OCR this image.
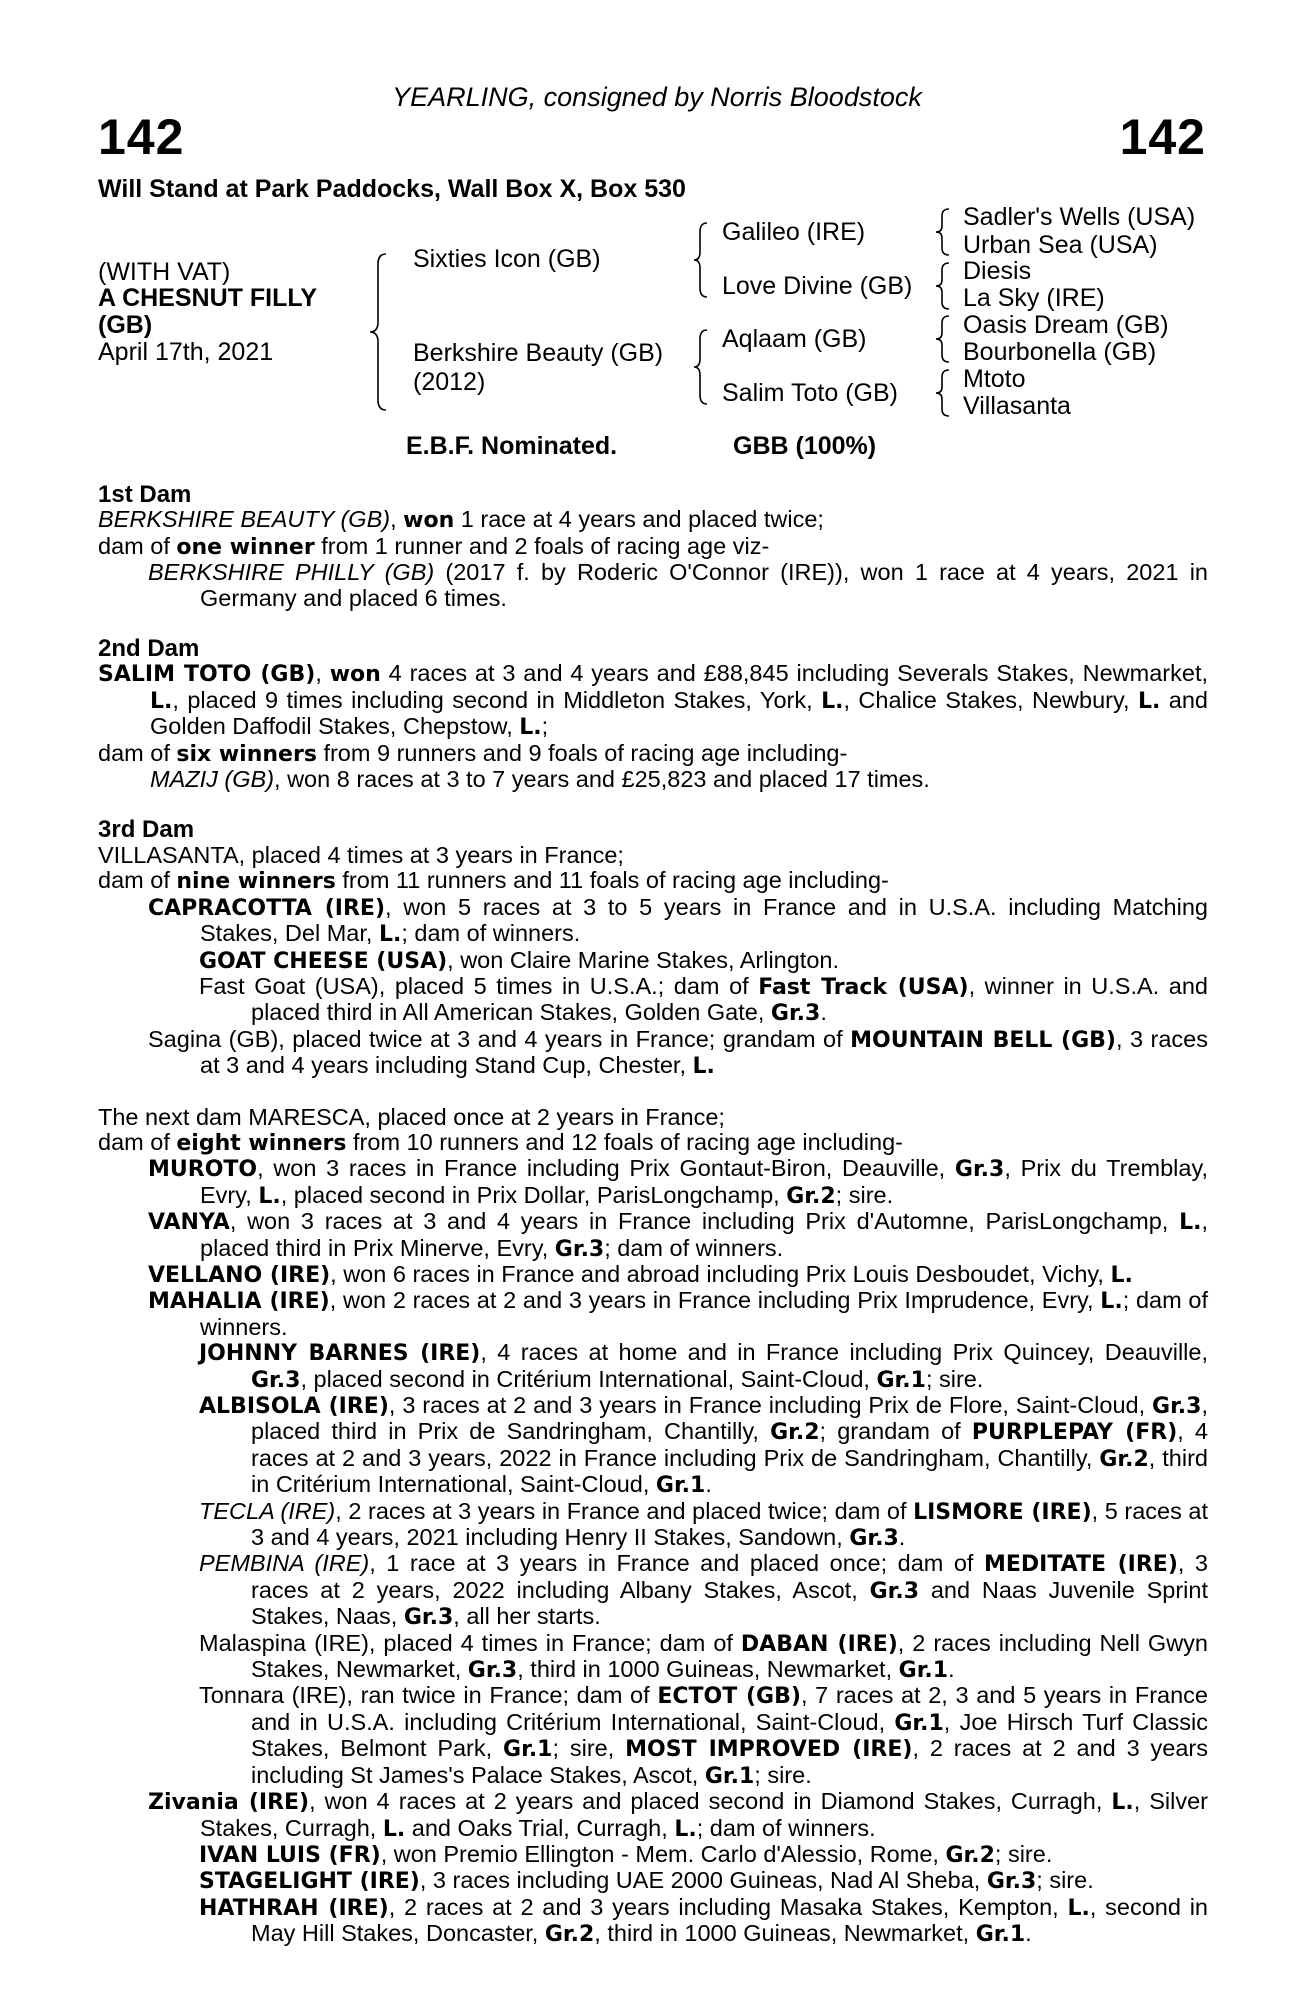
YEARLING, consigned by Norris Bloodstock
142	142
Will Stand at Park Paddocks, Wall Box X, Box 530
(WITH VAT)
A CHESNUT FILLY
(GB)
April 17th, 2021
Sixties Icon (GB)
Berkshire Beauty (GB)
(2012)
Galileo (IRE)
Love Divine (GB)
Aqlaam (GB)
Salim Toto (GB)
Sadler's Wells (USA)
Urban Sea (USA)
Diesis
La Sky (IRE)
Oasis Dream (GB)
Bourbonella (GB)
Mtoto
Villasanta
E.B.F. Nominated.	GBB (100%)

1st Dam

BERKSHIRE BEAUTY (GB), won 1 race at 4 years and placed twice;

dam of one winner from 1 runner and 2 foals of racing age viz-

BERKSHIRE PHILLY (GB) (2017 f. by Roderic O'Connor (IRE)), won 1 race at 4 years, 2021 in Germany and placed 6 times.

2nd Dam

SALIM TOTO (GB), won 4 races at 3 and 4 years and £88,845 including Severals Stakes, Newmarket, L., placed 9 times including second in Middleton Stakes, York, L., Chalice Stakes, Newbury, L. and Golden Daffodil Stakes, Chepstow, L.;

dam of six winners from 9 runners and 9 foals of racing age including-

MAZIJ (GB), won 8 races at 3 to 7 years and £25,823 and placed 17 times.

3rd Dam

VILLASANTA, placed 4 times at 3 years in France;

dam of nine winners from 11 runners and 11 foals of racing age including-

CAPRACOTTA (IRE), won 5 races at 3 to 5 years in France and in U.S.A. including Matching Stakes, Del Mar, L.; dam of winners.

GOAT CHEESE (USA), won Claire Marine Stakes, Arlington.

Fast Goat (USA), placed 5 times in U.S.A.; dam of Fast Track (USA), winner in U.S.A. and placed third in All American Stakes, Golden Gate, Gr.3.

Sagina (GB), placed twice at 3 and 4 years in France; grandam of MOUNTAIN BELL (GB), 3 races at 3 and 4 years including Stand Cup, Chester, L.

The next dam MARESCA, placed once at 2 years in France;

dam of eight winners from 10 runners and 12 foals of racing age including-

MUROTO, won 3 races in France including Prix Gontaut-Biron, Deauville, Gr.3, Prix du Tremblay, Evry, L., placed second in Prix Dollar, ParisLongchamp, Gr.2; sire.

VANYA, won 3 races at 3 and 4 years in France including Prix d'Automne, ParisLongchamp, L., placed third in Prix Minerve, Evry, Gr.3; dam of winners.

VELLANO (IRE), won 6 races in France and abroad including Prix Louis Desboudet, Vichy, L.

MAHALIA (IRE), won 2 races at 2 and 3 years in France including Prix Imprudence, Evry, L.; dam of winners.

JOHNNY BARNES (IRE), 4 races at home and in France including Prix Quincey, Deauville, Gr.3, placed second in Critérium International, Saint-Cloud, Gr.1; sire.

ALBISOLA (IRE), 3 races at 2 and 3 years in France including Prix de Flore, Saint-Cloud, Gr.3, placed third in Prix de Sandringham, Chantilly, Gr.2; grandam of PURPLEPAY (FR), 4 races at 2 and 3 years, 2022 in France including Prix de Sandringham, Chantilly, Gr.2, third in Critérium International, Saint-Cloud, Gr.1.

TECLA (IRE), 2 races at 3 years in France and placed twice; dam of LISMORE (IRE), 5 races at 3 and 4 years, 2021 including Henry II Stakes, Sandown, Gr.3.

PEMBINA (IRE), 1 race at 3 years in France and placed once; dam of MEDITATE (IRE), 3 races at 2 years, 2022 including Albany Stakes, Ascot, Gr.3 and Naas Juvenile Sprint Stakes, Naas, Gr.3, all her starts.

Malaspina (IRE), placed 4 times in France; dam of DABAN (IRE), 2 races including Nell Gwyn Stakes, Newmarket, Gr.3, third in 1000 Guineas, Newmarket, Gr.1.

Tonnara (IRE), ran twice in France; dam of ECTOT (GB), 7 races at 2, 3 and 5 years in France and in U.S.A. including Critérium International, Saint-Cloud, Gr.1, Joe Hirsch Turf Classic Stakes, Belmont Park, Gr.1; sire, MOST IMPROVED (IRE), 2 races at 2 and 3 years including St James's Palace Stakes, Ascot, Gr.1; sire.

Zivania (IRE), won 4 races at 2 years and placed second in Diamond Stakes, Curragh, L., Silver Stakes, Curragh, L. and Oaks Trial, Curragh, L.; dam of winners.

IVAN LUIS (FR), won Premio Ellington - Mem. Carlo d'Alessio, Rome, Gr.2; sire.

STAGELIGHT (IRE), 3 races including UAE 2000 Guineas, Nad Al Sheba, Gr.3; sire.

HATHRAH (IRE), 2 races at 2 and 3 years including Masaka Stakes, Kempton, L., second in May Hill Stakes, Doncaster, Gr.2, third in 1000 Guineas, Newmarket, Gr.1.
